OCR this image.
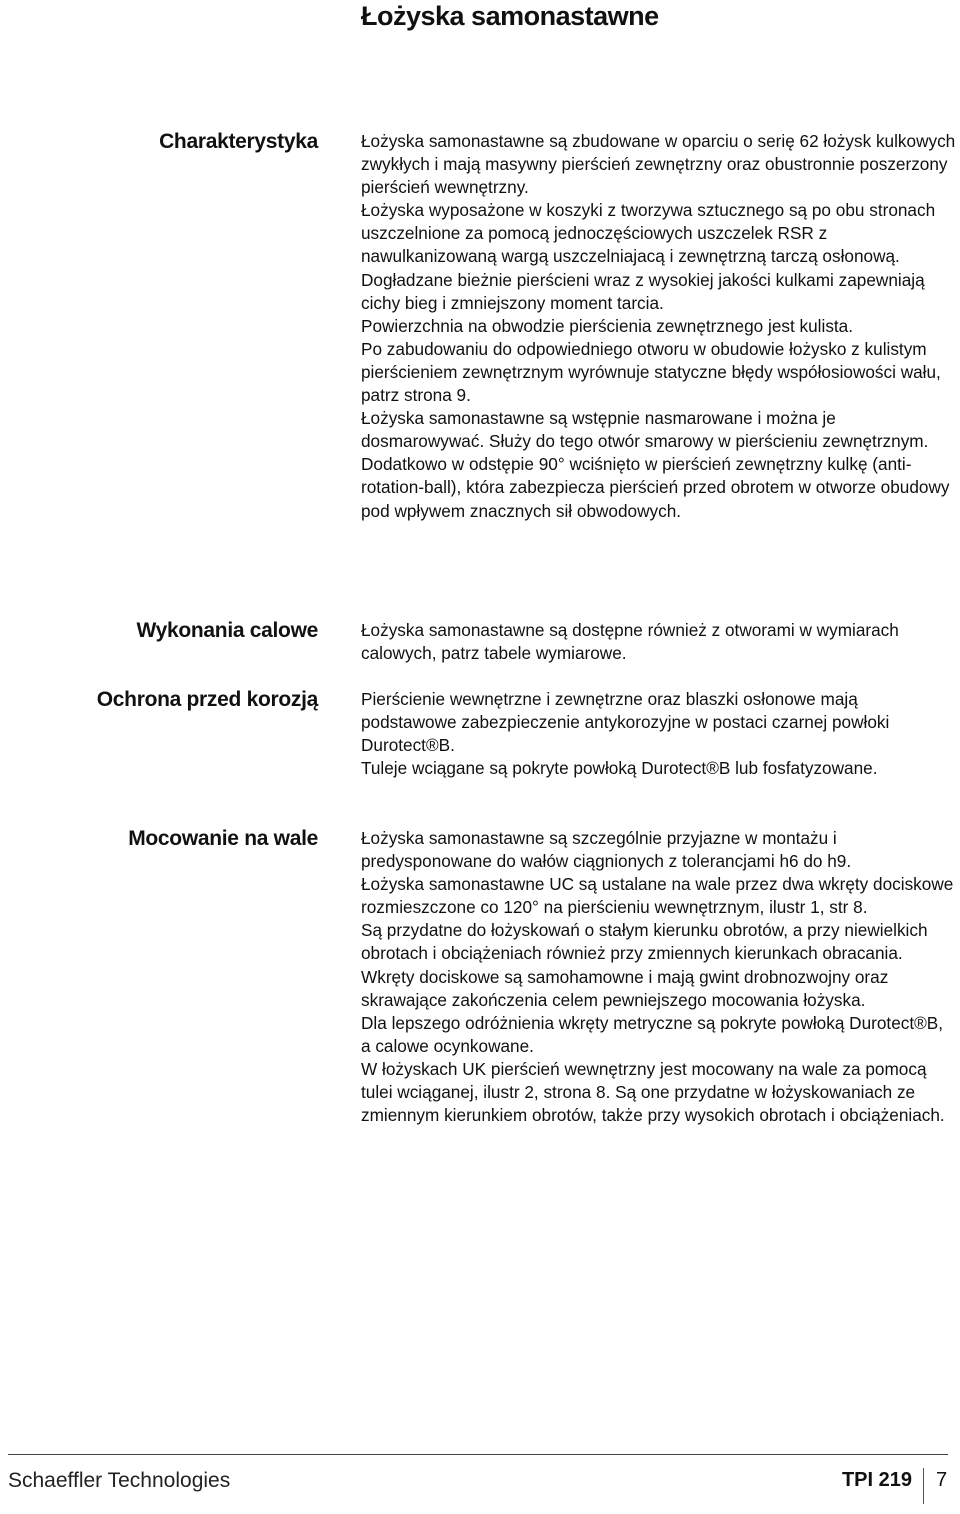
Łożyska samonastawne
Charakterystyka	Łożyska samonastawne są zbudowane w oparciu o serię 62 łożysk kulkowych zwykłych i mają masywny pierścień zewnętrzny oraz obustronnie poszerzony pierścień wewnętrzny.

Łożyska wyposażone w koszyki z tworzywa sztucznego są po obu stronach uszczelnione za pomocą jednoczęściowych uszczelek RSR z nawulkanizowaną wargą uszczelniajacą i zewnętrzną tarczą osłonową.

Dogładzane bieżnie pierścieni wraz z wysokiej jakości kulkami zapewniają cichy bieg i zmniejszony moment tarcia.

Powierzchnia na obwodzie pierścienia zewnętrznego jest kulista.

Po zabudowaniu do odpowiedniego otworu w obudowie łożysko z kulistym pierścieniem zewnętrznym wyrównuje statyczne błędy współosiowości wału, patrz strona 9.

Łożyska samonastawne są wstępnie nasmarowane i można je dosmarowywać. Służy do tego otwór smarowy w pierścieniu zewnętrznym.

Dodatkowo w odstępie 90° wciśnięto w pierścień zewnętrzny kulkę (anti-rotation-ball), która zabezpiecza pierścień przed obrotem w otworze obudowy pod wpływem znacznych sił obwodowych.

Wykonania calowe	Łożyska samonastawne są dostępne również z otworami w wymiarach calowych, patrz tabele wymiarowe.

Ochrona przed korozją	Pierścienie wewnętrzne i zewnętrzne oraz blaszki osłonowe mają podstawowe zabezpieczenie antykorozyjne w postaci czarnej powłoki Durotect®B.

Tuleje wciągane są pokryte powłoką Durotect®B lub fosfatyzowane.

Mocowanie na wale	Łożyska samonastawne są szczególnie przyjazne w montażu i predysponowane do wałów ciągnionych z tolerancjami h6 do h9.

Łożyska samonastawne UC są ustalane na wale przez dwa wkręty dociskowe rozmieszczone co 120° na pierścieniu wewnętrznym, ilustr 1, str 8.

Są przydatne do łożyskowań o stałym kierunku obrotów, a przy niewielkich obrotach i obciążeniach również przy zmiennych kierunkach obracania.

Wkręty dociskowe są samohamowne i mają gwint drobnozwojny oraz skrawające zakończenia celem pewniejszego mocowania łożyska.

Dla lepszego odróżnienia wkręty metryczne są pokryte powłoką Durotect®B, a calowe ocynkowane.

W łożyskach UK pierścień wewnętrzny jest mocowany na wale za pomocą tulei wciąganej, ilustr 2, strona 8. Są one przydatne w łożyskowaniach ze zmiennym kierunkiem obrotów, także przy wysokich obrotach i obciążeniach.

Schaeffler Technologies	TPI 219 7
